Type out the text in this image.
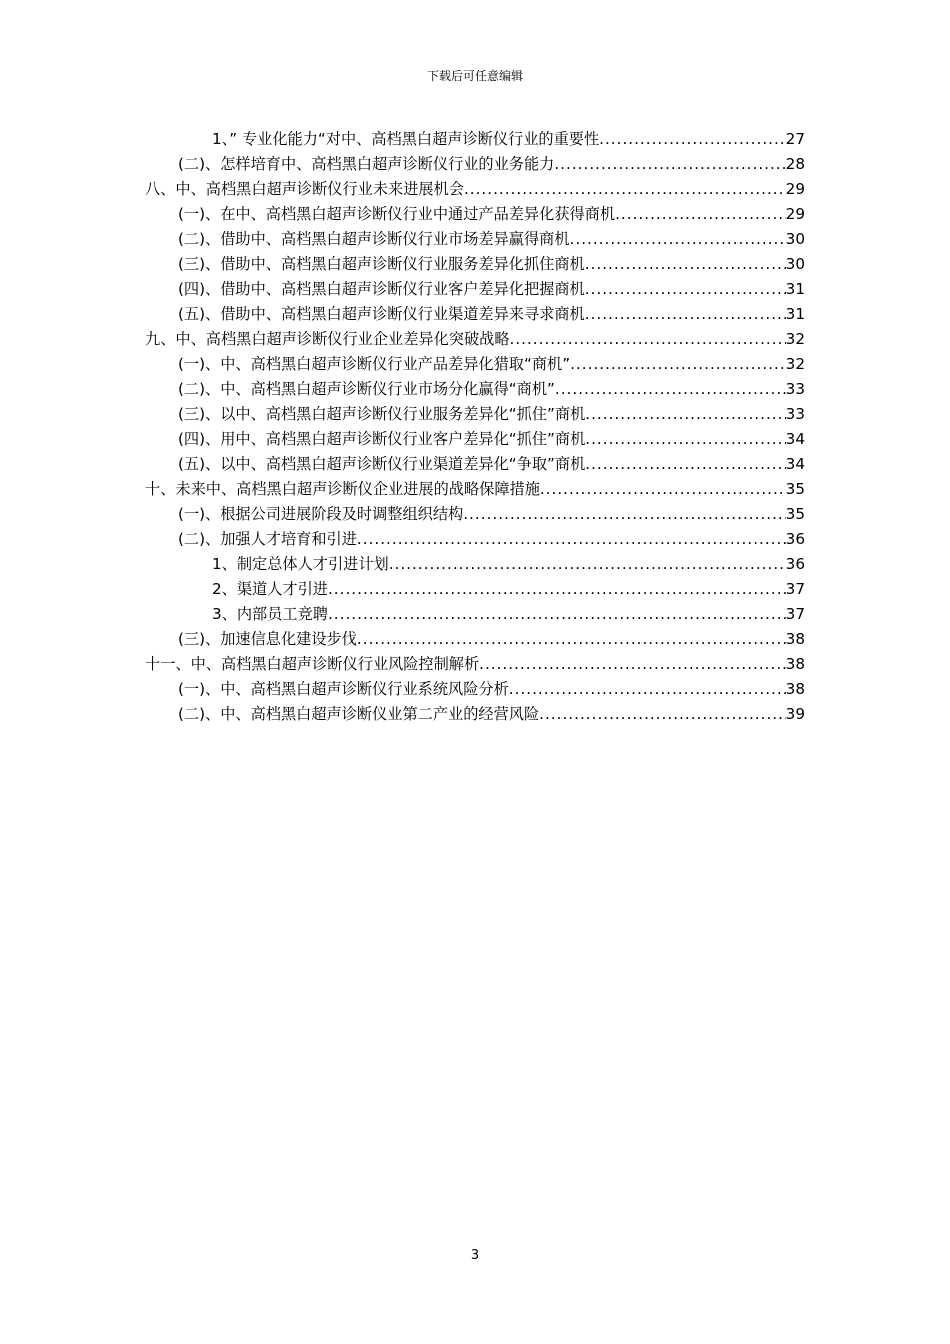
下载后可任意编辑
1、” 专业化能力“对中、高档黑白超声诊断仪行业的重要性 .....	27
(二)、怎样培育中、高档黑白超声诊断仪行业的业务能力 .....	28
八、中、高档黑白超声诊断仪行业未来进展机会 .....	29
(一)、在中、高档黑白超声诊断仪行业中通过产品差异化获得商机 .....	29
(二)、借助中、高档黑白超声诊断仪行业市场差异赢得商机 .....	30
(三)、借助中、高档黑白超声诊断仪行业服务差异化抓住商机 .....	30
(四)、借助中、高档黑白超声诊断仪行业客户差异化把握商机 .....	31
(五)、借助中、高档黑白超声诊断仪行业渠道差异来寻求商机 .....	31
九、中、高档黑白超声诊断仪行业企业差异化突破战略 .....	32
(一)、中、高档黑白超声诊断仪行业产品差异化猎取“商机” .....	32
(二)、中、高档黑白超声诊断仪行业市场分化赢得“商机” .....	33
(三)、以中、高档黑白超声诊断仪行业服务差异化“抓住”商机 .....	33
(四)、用中、高档黑白超声诊断仪行业客户差异化“抓住”商机 .....	34
(五)、以中、高档黑白超声诊断仪行业渠道差异化“争取”商机 .....	34
十、未来中、高档黑白超声诊断仪企业进展的战略保障措施 .....	35
(一)、根据公司进展阶段及时调整组织结构 .....	35
(二)、加强人才培育和引进 .....	36
1、制定总体人才引进计划 .....	36
2、渠道人才引进 .....	37
3、内部员工竞聘 .....	37
(三)、加速信息化建设步伐 .....	38
十一、中、高档黑白超声诊断仪行业风险控制解析 .....	38
(一)、中、高档黑白超声诊断仪行业系统风险分析 .....	38
(二)、中、高档黑白超声诊断仪业第二产业的经营风险 .....	39
3
